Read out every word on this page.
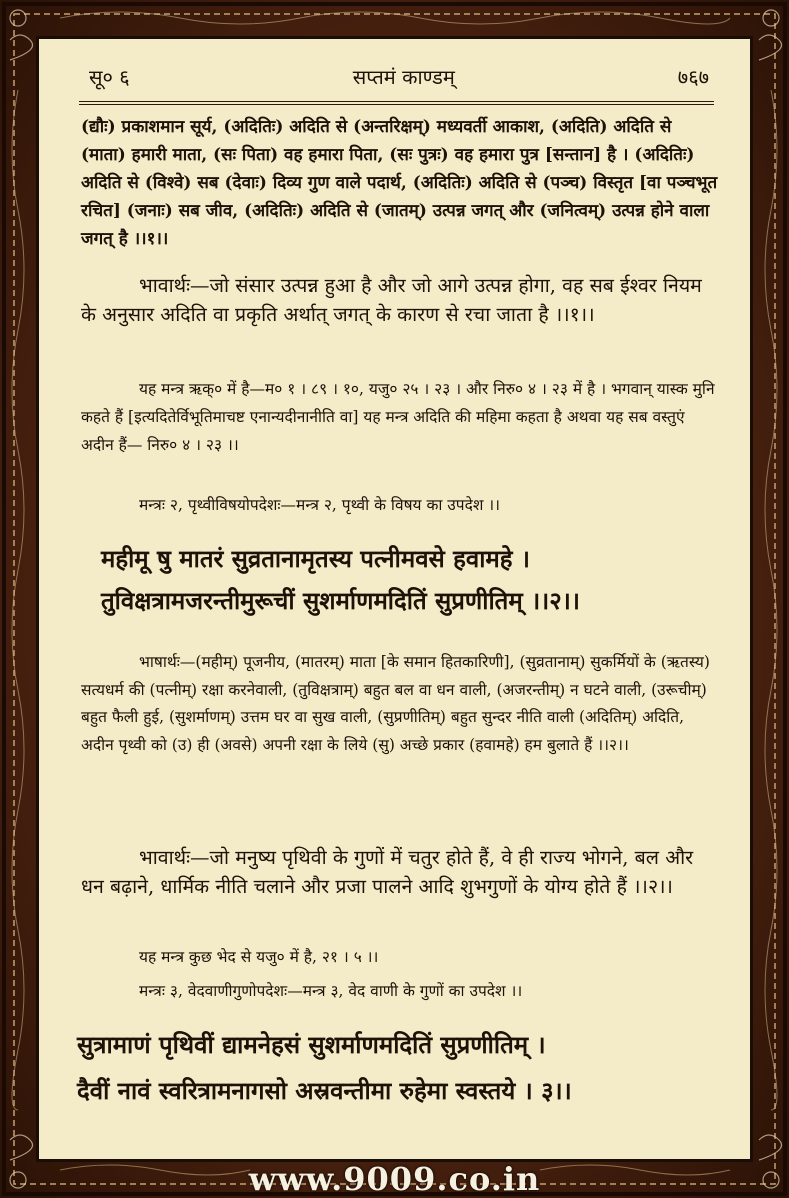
सू० ६	सप्तमं काण्डम्	७६७
(द्यौः) प्रकाशमान सूर्य, (अदितिः) अदिति से (अन्तरिक्षम्) मध्यवर्ती आकाश, (अदिति) अदिति से (माता) हमारी माता, (सः पिता) वह हमारा पिता, (सः पुत्रः) वह हमारा पुत्र [सन्तान] है । (अदितिः) अदिति से (विश्वे) सब (देवाः) दिव्य गुण वाले पदार्थ, (अदितिः) अदिति से (पञ्च) विस्तृत [वा पञ्चभूत रचित] (जनाः) सब जीव, (अदितिः) अदिति से (जातम्) उत्पन्न जगत् और (जनित्वम्) उत्पन्न होने वाला जगत् है ।।१।।
भावार्थः—जो संसार उत्पन्न हुआ है और जो आगे उत्पन्न होगा, वह सब ईश्वर नियम के अनुसार अदिति वा प्रकृति अर्थात् जगत् के कारण से रचा जाता है ।।१।।
यह मन्त्र ऋक्० में है—म० १ । ८९ । १०, यजु० २५ । २३ । और निरु० ४ । २३ में है । भगवान् यास्क मुनि कहते हैं [इत्यदितेर्विभूतिमाचष्ट एनान्यदीनानीति वा] यह मन्त्र अदिति की महिमा कहता है अथवा यह सब वस्तुएं अदीन हैं— निरु० ४ । २३ ।।
मन्त्रः २, पृथ्वीविषयोपदेशः—मन्त्र २, पृथ्वी के विषय का उपदेश ।।
महीमू षु मातरं सुव्रतानामृतस्य पत्नीमवसे हवामहे ।
तुविक्षत्रामजरन्तीमुरूचीं सुशर्माणमदितिं सुप्रणीतिम् ।।२।।
भाषार्थः—(महीम्) पूजनीय, (मातरम्) माता [के समान हितकारिणी], (सुव्रतानाम्) सुकर्मियों के (ऋतस्य) सत्यधर्म की (पत्नीम्) रक्षा करनेवाली, (तुविक्षत्राम्) बहुत बल वा धन वाली, (अजरन्तीम्) न घटने वाली, (उरूचीम्) बहुत फैली हुई, (सुशर्माणम्) उत्तम घर वा सुख वाली, (सुप्रणीतिम्) बहुत सुन्दर नीति वाली (अदितिम्) अदिति, अदीन पृथ्वी को (उ) ही (अवसे) अपनी रक्षा के लिये (सु) अच्छे प्रकार (हवामहे) हम बुलाते हैं ।।२।।
भावार्थः—जो मनुष्य पृथिवी के गुणों में चतुर होते हैं, वे ही राज्य भोगने, बल और धन बढ़ाने, धार्मिक नीति चलाने और प्रजा पालने आदि शुभगुणों के योग्य होते हैं ।।२।।
यह मन्त्र कुछ भेद से यजु० में है, २१ । ५ ।।
मन्त्रः ३, वेदवाणीगुणोपदेशः—मन्त्र ३, वेद वाणी के गुणों का उपदेश ।।
सुत्रामाणं पृथिवीं द्यामनेहसं सुशर्माणमदितिं सुप्रणीतिम् ।
दैवीं नावं स्वरित्रामनागसो अस्रवन्तीमा रुहेमा स्वस्तये । ३।।
www.9009.co.in
